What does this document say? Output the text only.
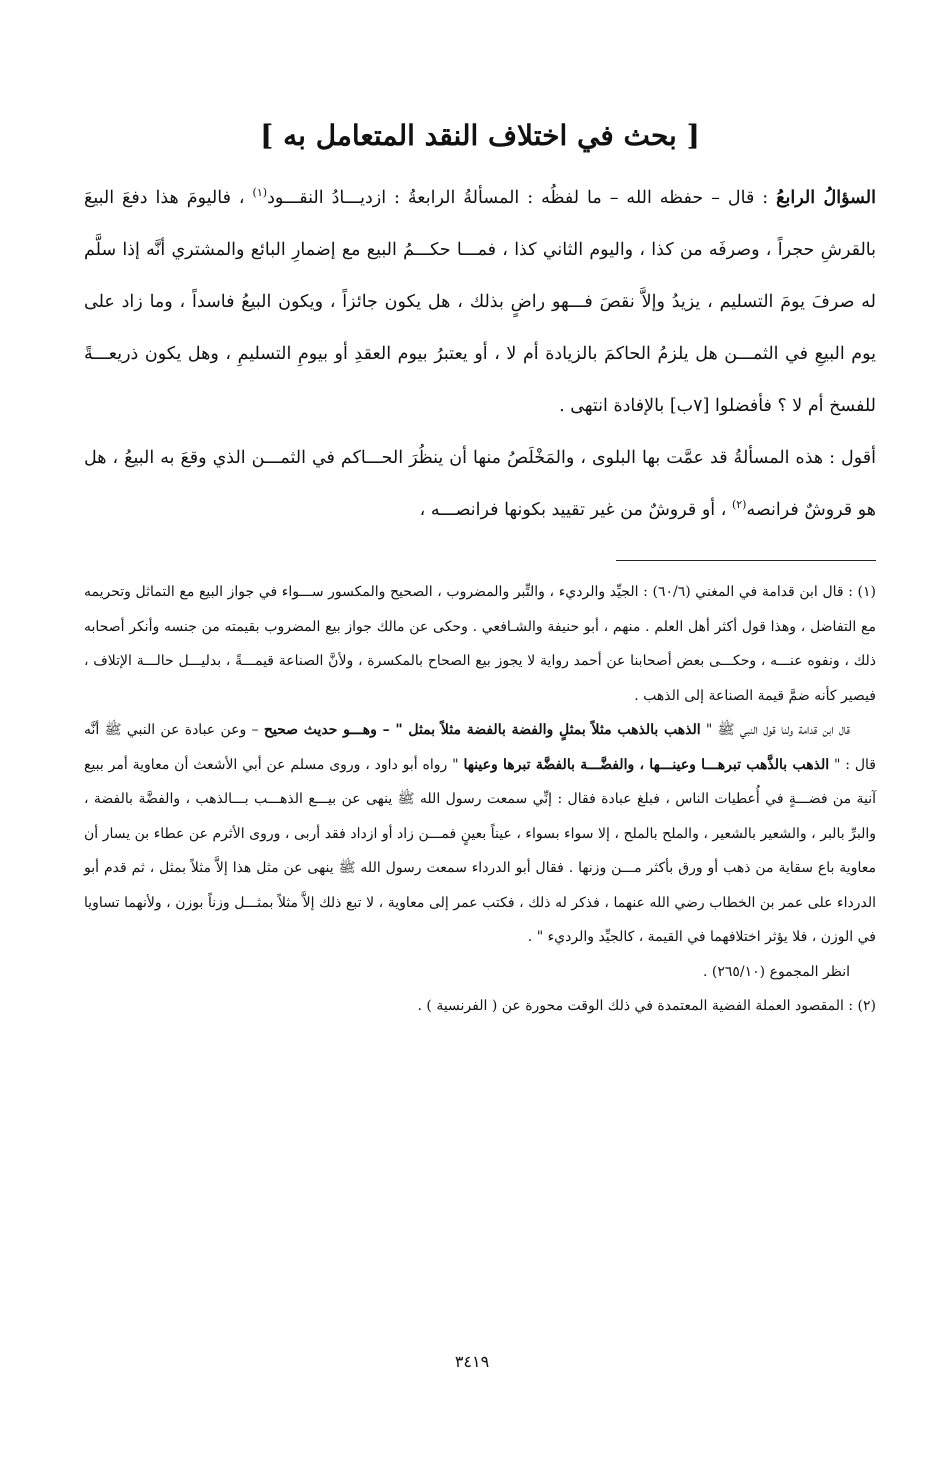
[ بحث في اختلاف النقد المتعامل به ]

السؤالُ الرابعُ : قال – حفظه الله – ما لفظُه : المسألةُ الرابعةُ : ازديـــادُ النقـــود$^{(١)}$ ، فاليومَ هذا دفعَ البيعَ بالقرشِ حجراً ، وصرفَه من كذا ، واليوم الثاني كذا ، فمـــا حكـــمُ البيع مع إضمارِ البائع والمشتري أنَّه إذا سلَّم له صرفَ يومَ التسليم ، يزيدُ وإلاَّ نقصَ فـــهو راضٍ بذلك ، هل يكون جائزاً ، ويكون البيعُ فاسداً ، وما زاد على يوم البيعِ في الثمـــن هل يلزمُ الحاكمَ بالزيادة أم لا ، أو يعتبرُ بيوم العقدِ أو بيومِ التسليمِ ، وهل يكون ذريعـــةً للفسخ أم لا ؟ فأفضلوا [٧ب] بالإفادة انتهى .

أقول : هذه المسألةُ قد عمَّت بها البلوى ، والمَخْلَصُ منها أن ينظُرَ الحـــاكم في الثمـــن الذي وقعَ به البيعُ ، هل هو قروشٌ فرانصه$^{(٢)}$ ، أو قروشٌ من غير تقييد بكونها فرانصـــه ،

(١) : قال ابن قدامة في المغني (٦٠/٦) : الجيِّد والرديء ، والتِّبر والمضروب ، الصحيح والمكسور ســـواء في جواز البيع مع التماثل وتحريمه مع التفاضل ، وهذا قول أكثر أهل العلم . منهم ، أبو حنيفة والشـافعي . وحكى عن مالك جواز بيع المضروب بقيمته من جنسه وأنكر أصحابه ذلك ، ونفوه عنـــه ، وحكـــى بعض أصحابنا عن أحمد رواية لا يجوز بيع الصحاح بالمكسرة ، ولأنَّ الصناعة قيمـــةً ، بدليـــل حالـــة الإتلاف ، فيصير كأنه ضمَّ قيمة الصناعة إلى الذهب .

قال ابن قدامة ولنا قول النبي ﷺ " الذهب بالذهب مثلاً بمثلٍ والفضة بالفضة مثلاً بمثل " – وهـــو حديث صحيح – وعن عبادة عن النبي ﷺ أنَّه قال : " الذهب بالذَّهب تبرهـــا وعينـــها ، والفضَّـــة بالفضَّة تبرها وعينها " رواه أبو داود ، وروى مسلم عن أبي الأشعث أن معاوية أمر ببيع آنية من فضـــةٍ في أُعطيات الناس ، فبلغ عبادة فقال : إنِّي سمعت رسول الله ﷺ ينهى عن بيـــع الذهـــب بـــالذهب ، والفضَّة بالفضة ، والبرِّ بالبر ، والشعير بالشعير ، والملح بالملح ، إلا سواء بسواء ، عيناً بعينٍ فمـــن زاد أو ازداد فقد أربى ، وروى الأثرم عن عطاء بن يسار أن معاوية باع سقاية من ذهب أو ورق بأكثر مـــن وزنها . فقال أبو الدرداء سمعت رسول الله ﷺ ينهى عن مثل هذا إلاَّ مثلاً بمثل ، ثم قدم أبو الدرداء على عمر بن الخطاب رضي الله عنهما ، فذكر له ذلك ، فكتب عمر إلى معاوية ، لا تبع ذلك إلاَّ مثلاً بمثـــل وزناً بوزن ، ولأنهما تساويا في الوزن ، فلا يؤثر اختلافهما في القيمة ، كالجيِّد والرديء " .

انظر المجموع (٢٦٥/١٠) .

(٢) : المقصود العملة الفضية المعتمدة في ذلك الوقت محورة عن ( الفرنسية ) .

٣٤١٩
